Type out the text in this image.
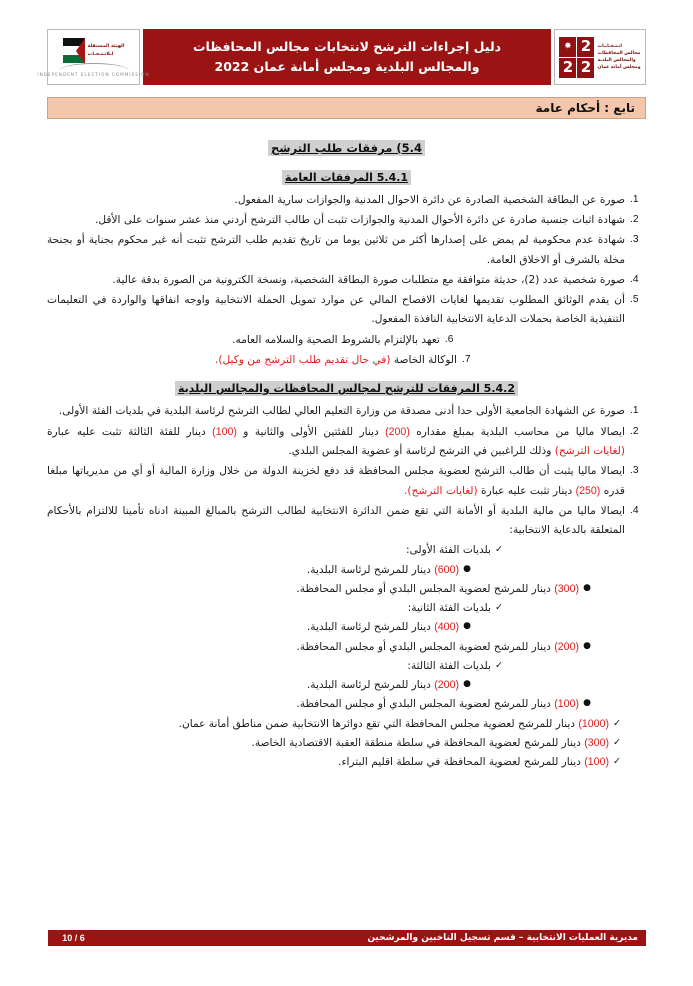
انـتـخـابـات
مجالس المحافظات
والمجالس البلدية
ومجلس أمانة عمان
2
✸
2
2
دليل إجراءات الترشح لانتخابات مجالس المحافظات
والمجالس البلدية ومجلس أمانة عمان 2022
الهيئة المستقلة
لـلانـتـخـاب
INDEPENDENT ELECTION COMMISSION
تابع : أحكام عامة
5.4) مرفقات طلب الترشح
5.4.1 المرفقات العامة
1.
صورة عن البطاقة الشخصية الصادرة عن دائرة الاحوال المدنية والجوازات سارية المفعول.
2.
شهادة اثبات جنسية صادرة عن دائرة الأحوال المدنية والجوازات تثبت أن طالب الترشح أردني منذ عشر سنوات على الأقل.
3.
شهادة عدم محكومية لم يمض على إصدارها أكثر من ثلاثين يوما من تاريخ تقديم طلب الترشح تثبت أنه غير محكوم بجناية أو بجنحة مخلة بالشرف أو الاخلاق العامة.
4.
صورة شخصية عدد (2)، حديثة متوافقة مع متطلبات صورة البطاقة الشخصية، ونسخة الكترونية من الصورة بدقة عالية.
5.
أن يقدم الوثائق المطلوب تقديمها لغايات الافصاح المالي عن موارد تمويل الحملة الانتخابية واوجه انفاقها والواردة في التعليمات التنفيذية الخاصة بحملات الدعاية الانتخابية النافذة المفعول.
6.
تعهد بالإلتزام بالشروط الصحية والسلامه العامه.
7.
الوكالة الخاصة (في حال تقديم طلب الترشح من وكيل).
5.4.2 المرفقات للترشح لمجالس المحافظات والمجالس البلدية
1.
صورة عن الشهادة الجامعية الأولى حدا أدنى مصدقة من وزارة التعليم العالي لطالب الترشح لرئاسة البلدية في بلديات الفئة الأولى.
2.
ايصالا ماليا من محاسب البلدية بمبلغ مقداره (200) دينار للفئتين الأولى والثانية و (100) دينار للفئة الثالثة تثبت عليه عبارة (لغايات الترشح) وذلك للراغبين في الترشح لرئاسة أو عضوية المجلس البلدي.
3.
ايصالا ماليا يثبت أن طالب الترشح لعضوية مجلس المحافظة قد دفع لخزينة الدولة من خلال وزارة المالية أو أي من مديرياتها مبلغا قدره (250) دينار تثبت عليه عبارة (لغايات الترشح).
4.
ايصالا ماليا من مالية البلدية أو الأمانة التي تقع ضمن الدائرة الانتخابية لطالب الترشح بالمبالغ المبينة ادناه تأمينا للالتزام بالأحكام المتعلقة بالدعاية الانتخابية:
✓
بلديات الفئة الأولى:
●
(600) دينار للمرشح لرئاسة البلدية.
●
(300) دينار للمرشح لعضوية المجلس البلدي أو مجلس المحافظة.
✓
بلديات الفئة الثانية:
●
(400) دينار للمرشح لرئاسة البلدية.
●
(200) دينار للمرشح لعضوية المجلس البلدي أو مجلس المحافظة.
✓
بلديات الفئة الثالثة:
●
(200) دينار للمرشح لرئاسة البلدية.
●
(100) دينار للمرشح لعضوية المجلس البلدي أو مجلس المحافظة.
✓
(1000) دينار للمرشح لعضوية مجلس المحافظة التي تقع دوائرها الانتخابية ضمن مناطق أمانة عمان.
✓
(300) دينار للمرشح لعضوية المحافظة في سلطة منطقة العقبة الاقتصادية الخاصة.
✓
(100) دينار للمرشح لعضوية المحافظة في سلطة اقليم البتراء.
مديرية العمليات الانتخابية – قسم تسجيل الناخبين والمرشحين
6 / 10
